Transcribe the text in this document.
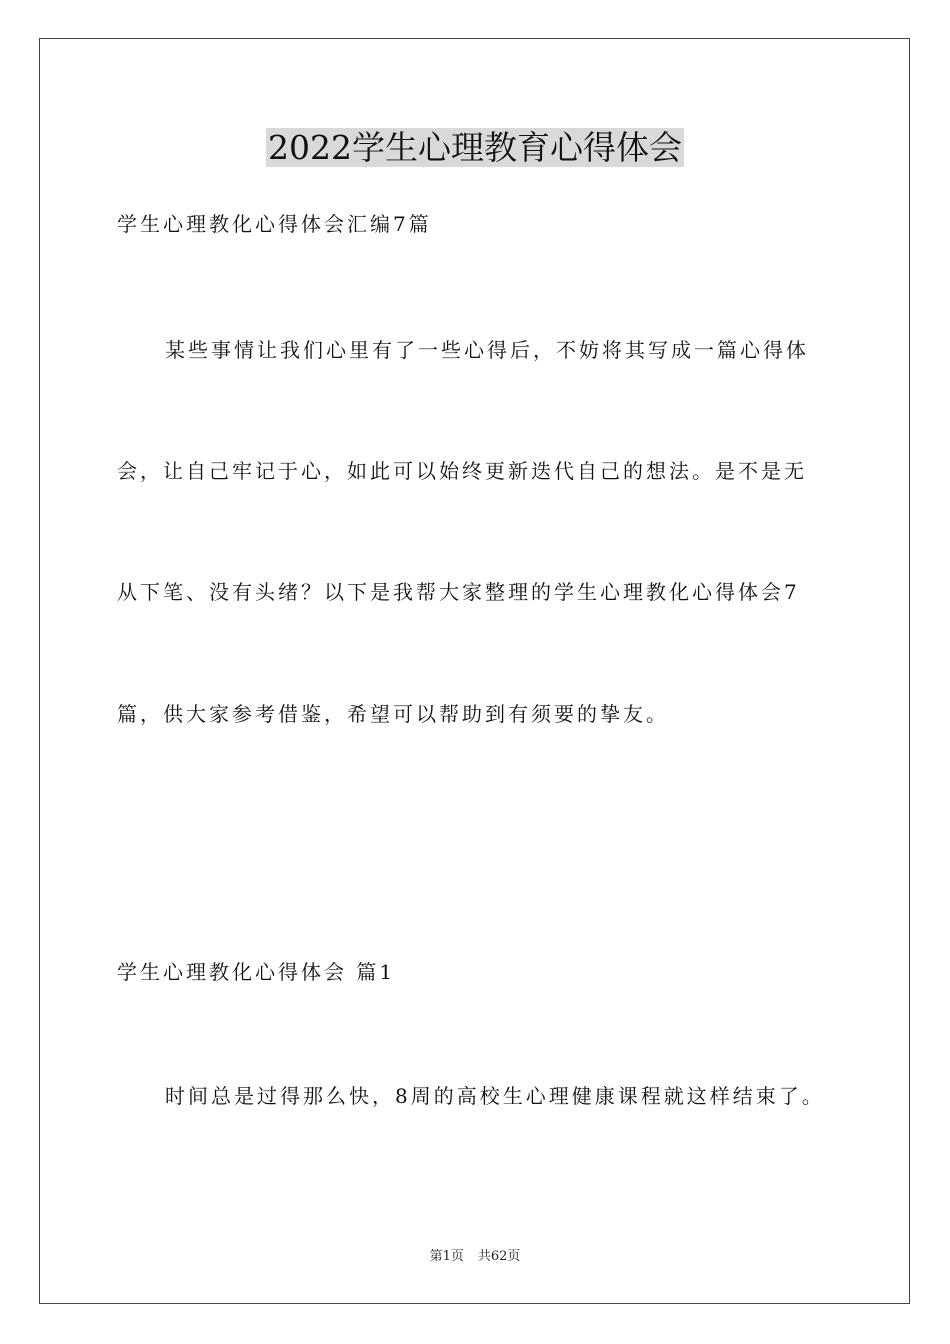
2022学生心理教育心得体会

学生心理教化心得体会汇编7篇

某些事情让我们心里有了一些心得后，不妨将其写成一篇心得体

会，让自己牢记于心，如此可以始终更新迭代自己的想法。是不是无

从下笔、没有头绪？以下是我帮大家整理的学生心理教化心得体会7

篇，供大家参考借鉴，希望可以帮助到有须要的挚友。

学生心理教化心得体会 篇1

时间总是过得那么快，8周的高校生心理健康课程就这样结束了。

第1页 共62页
